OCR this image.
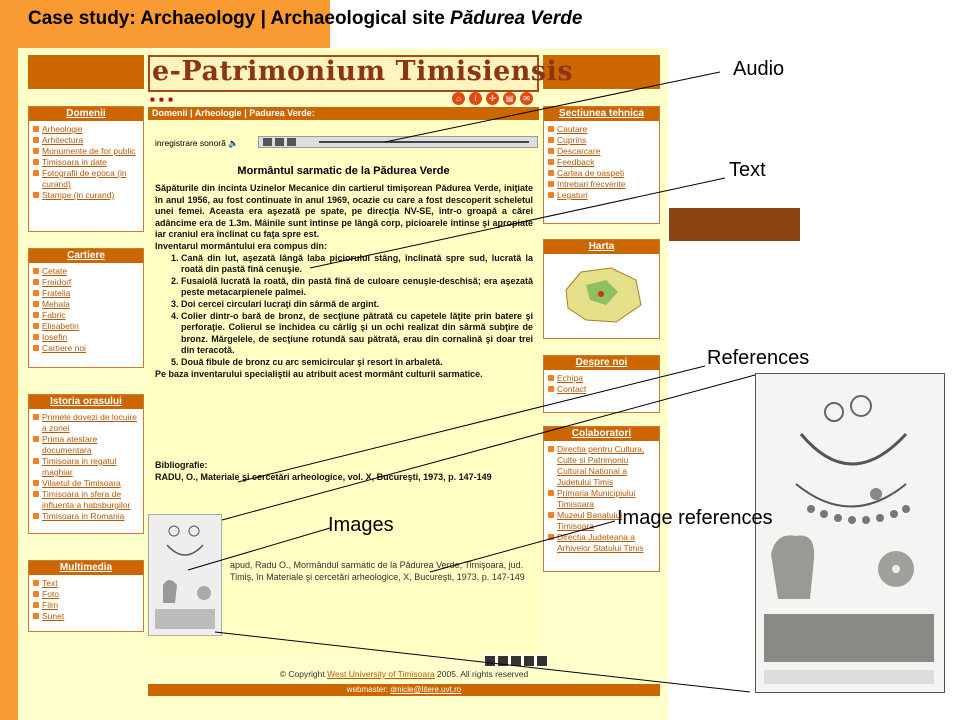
Case study: Archaeology | Archaeological site Pădurea Verde
e-Patrimonium Timisiensis
■ ■ ■	⌂	i	✢	▤	✉
Domenii
Arheologie
Arhitectura
Monumente de for public
Timisoara in date
Fotografii de epoca (in curand)
Stampe (in curand)
Cartiere
Cetate
Freidorf
Fratelia
Mehala
Fabric
Elisabetin
Iosefin
Cartiere noi
Istoria orasului
Primele dovezi de locuire a zonei
Prima atestare documentara
Timisoara in regatul maghiar
Vilaetul de Timisoara
Timisoara in sfera de influenta a habsburgilor
Timisoara in Romania
Multimedia
Text
Foto
Film
Sunet
Sectiunea tehnica
Cautare
Cuprins
Descarcare
Feedback
Cartea de oaspeti
Intrebari frecvente
Legaturi
Harta
Despre noi
Echipa
Contact
Colaboratori
Directia pentru Cultura, Culte si Patrimoniu Cultural National a Judetului Timis
Primaria Municipiului Timisoara
Muzeul Banatului Timisoara
Directia Judeteana a Arhivelor Statului Timis
Domenii | Arheologie | Padurea Verde:
inregistrare sonoră 🔈
Mormântul sarmatic de la Pădurea Verde

Săpăturile din incinta Uzinelor Mecanice din cartierul timişorean Pădurea Verde, iniţiate în anul 1956, au fost continuate în anul 1969, ocazie cu care a fost descoperit scheletul unei femei. Aceasta era aşezată pe spate, pe direcţia NV-SE, într-o groapă a cărei adâncime era de 1.3m. Mâinile sunt întinse pe lângă corp, picioarele întinse şi apropiate iar craniul era înclinat cu faţa spre est.

Inventarul mormântului era compus din:

1. Cană din lut, aşezată lângă laba piciorului stâng, înclinată spre sud, lucrată la roată din pastă fină cenuşie.
2. Fusaiolă lucrată la roată, din pastă fină de culoare cenuşie-deschisă; era aşezată peste metacarpienele palmei.
3. Doi cercei circulari lucraţi din sârmă de argint.
4. Colier dintr-o bară de bronz, de secţiune pătrată cu capetele lăţite prin batere şi perforaţie. Colierul se închidea cu cârlig şi un ochi realizat din sârmă subţire de bronz. Mărgelele, de secţiune rotundă sau pătrată, erau din cornalină şi doar trei din teracotă.
5. Două fibule de bronz cu arc semicircular şi resort în arbaletă.

Pe baza inventarului specialiştii au atribuit acest mormânt culturii sarmatice.

Bibliografie:
RADU, O., Materiale şi cercetări arheologice, vol. X, Bucureşti, 1973, p. 147-149
apud, Radu O., Mormândul sarmatic de la Pădurea Verde, Timişoara, jud. Timiş, în Materiale şi cercetări arheologice, X, Bucureşti, 1973, p. 147-149
© Copyright West University of Timisoara 2005. All rights reserved
webmaster: dmicle@litere.uvt.ro
Audio
Text
References
Images	Image references
